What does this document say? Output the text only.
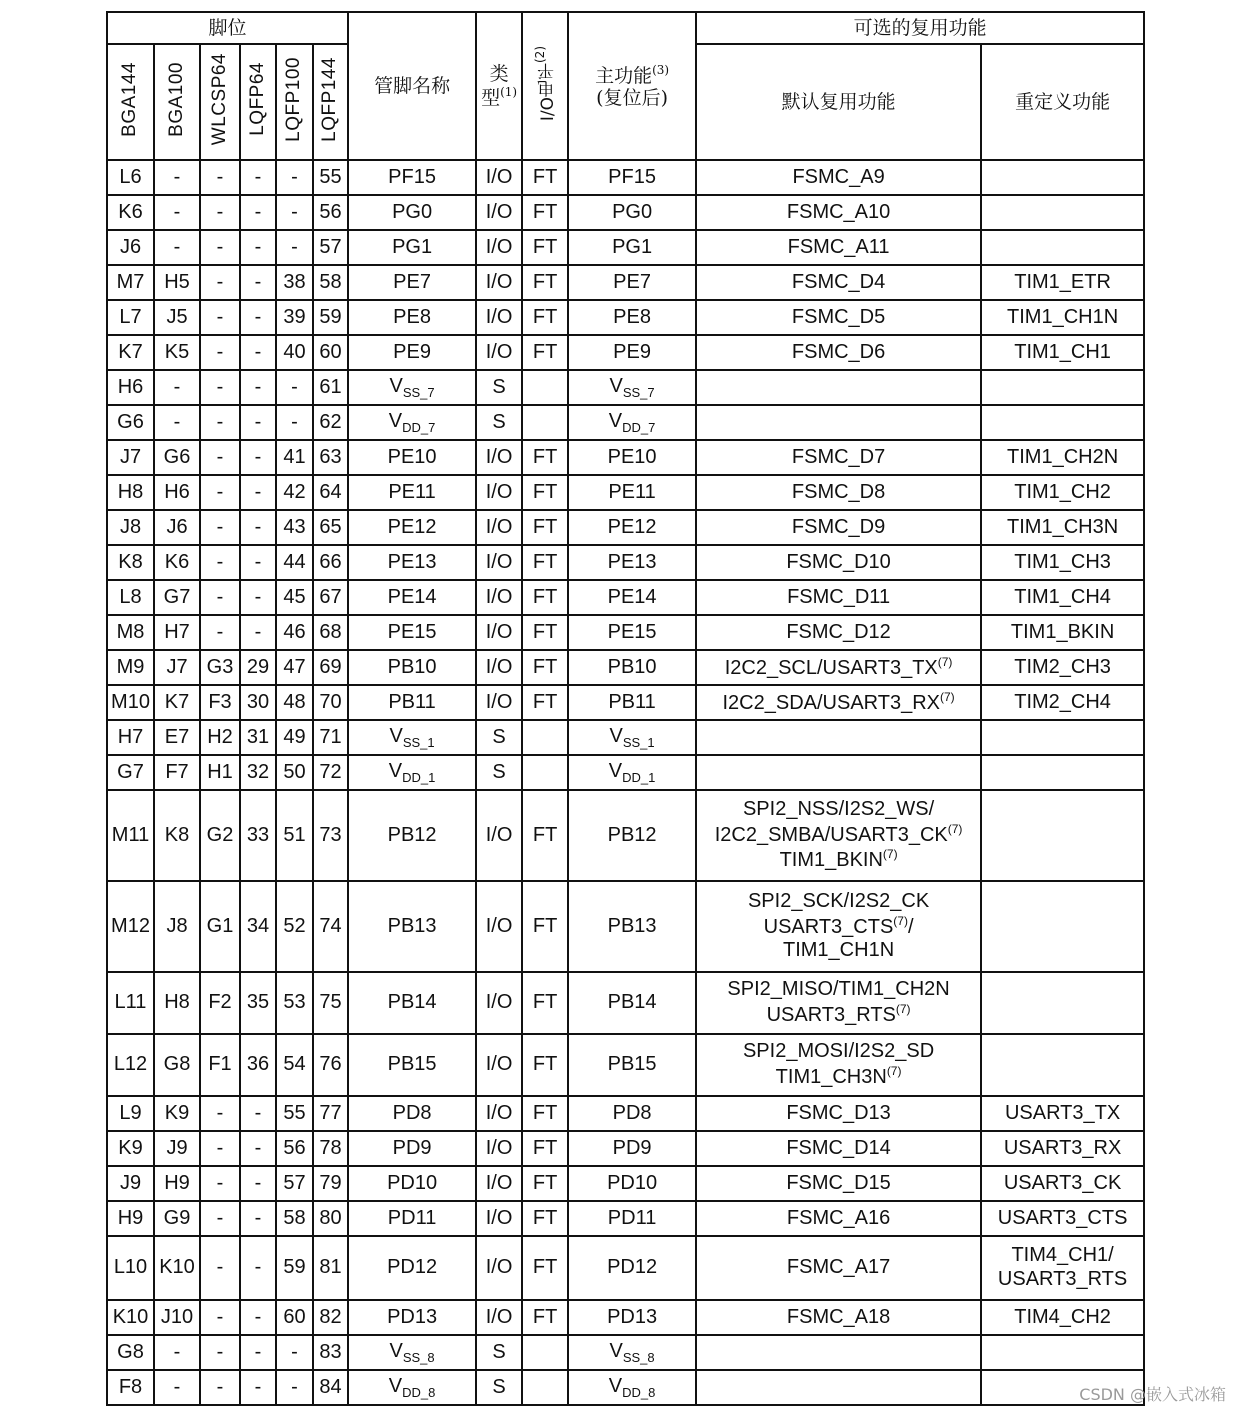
脚位						管脚名称	类
型$^{(1)}$	I/O电平$^{(2)}$	主功能$^{(3)}$
(复位后)	可选的复用功能	
BGA144	BGA100	WLCSP64	LQFP64	LQFP100	LQFP144					默认复用功能	重定义功能
L6	-	-	-	-	55	PF15	I/O	FT	PF15	FSMC_A9	
K6	-	-	-	-	56	PG0	I/O	FT	PG0	FSMC_A10	
J6	-	-	-	-	57	PG1	I/O	FT	PG1	FSMC_A11	
M7	H5	-	-	38	58	PE7	I/O	FT	PE7	FSMC_D4	TIM1_ETR
L7	J5	-	-	39	59	PE8	I/O	FT	PE8	FSMC_D5	TIM1_CH1N
K7	K5	-	-	40	60	PE9	I/O	FT	PE9	FSMC_D6	TIM1_CH1
H6	-	-	-	-	61	$V_{SS\_7}$	S		$V_{SS\_7}$		
G6	-	-	-	-	62	$V_{DD\_7}$	S		$V_{DD\_7}$		
J7	G6	-	-	41	63	PE10	I/O	FT	PE10	FSMC_D7	TIM1_CH2N
H8	H6	-	-	42	64	PE11	I/O	FT	PE11	FSMC_D8	TIM1_CH2
J8	J6	-	-	43	65	PE12	I/O	FT	PE12	FSMC_D9	TIM1_CH3N
K8	K6	-	-	44	66	PE13	I/O	FT	PE13	FSMC_D10	TIM1_CH3
L8	G7	-	-	45	67	PE14	I/O	FT	PE14	FSMC_D11	TIM1_CH4
M8	H7	-	-	46	68	PE15	I/O	FT	PE15	FSMC_D12	TIM1_BKIN
M9	J7	G3	29	47	69	PB10	I/O	FT	PB10	I2C2_SCL/USART3_TX$^{(7)}$	TIM2_CH3
M10	K7	F3	30	48	70	PB11	I/O	FT	PB11	I2C2_SDA/USART3_RX$^{(7)}$	TIM2_CH4
H7	E7	H2	31	49	71	$V_{SS\_1}$	S		$V_{SS\_1}$		
G7	F7	H1	32	50	72	$V_{DD\_1}$	S		$V_{DD\_1}$		
M11	K8	G2	33	51	73	PB12	I/O	FT	PB12	SPI2_NSS/I2S2_WS/
I2C2_SMBA/USART3_CK$^{(7)}$
TIM1_BKIN$^{(7)}$	
M12	J8	G1	34	52	74	PB13	I/O	FT	PB13	SPI2_SCK/I2S2_CK
USART3_CTS$^{(7)}$/
TIM1_CH1N	
L11	H8	F2	35	53	75	PB14	I/O	FT	PB14	SPI2_MISO/TIM1_CH2N
USART3_RTS$^{(7)}$	
L12	G8	F1	36	54	76	PB15	I/O	FT	PB15	SPI2_MOSI/I2S2_SD
$TIM1\_CH3N^{(7)}$	
L9	K9	-	-	55	77	PD8	I/O	FT	PD8	FSMC_D13	USART3_TX
K9	J9	-	-	56	78	PD9	I/O	FT	PD9	FSMC_D14	USART3_RX
J9	H9	-	-	57	79	PD10	I/O	FT	PD10	FSMC_D15	USART3_CK
H9	G9	-	-	58	80	PD11	I/O	FT	PD11	FSMC_A16	USART3_CTS
L10	K10	-	-	59	81	PD12	I/O	FT	PD12	FSMC_A17	TIM4_CH1/
USART3_RTS
K10	J10	-	-	60	82	PD13	I/O	FT	PD13	FSMC_A18	TIM4_CH2
G8	-	-	-	-	83	$V_{SS\_8}$	S		$V_{SS\_8}$		
F8	-	-	-	-	84	$V_{DD\_8}$	S		$V_{DD\_8}$			CSDN @嵌入式冰箱
